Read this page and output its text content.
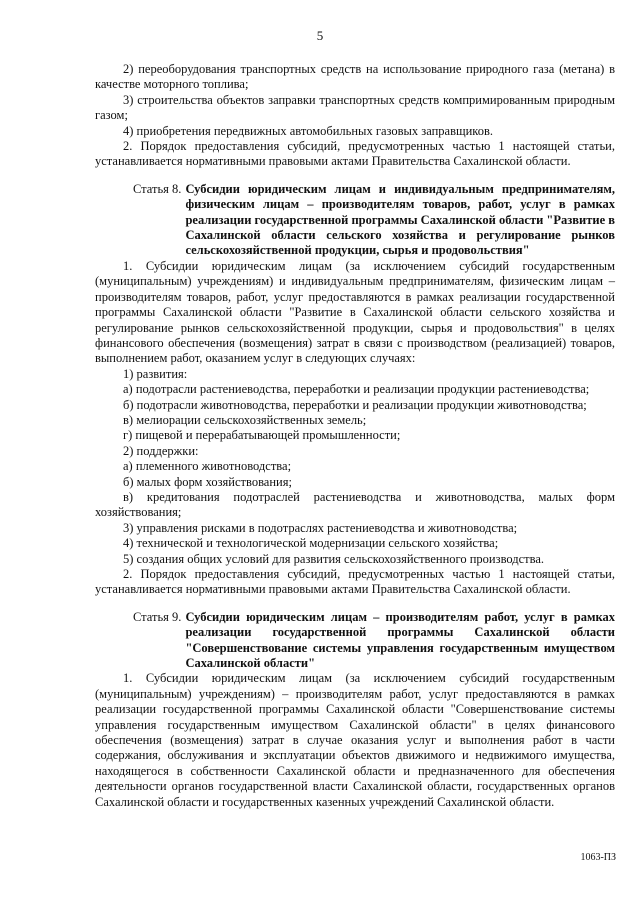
5

2) переоборудования транспортных средств на использование природного газа (метана) в качестве моторного топлива;

3) строительства объектов заправки транспортных средств компримированным природным газом;

4) приобретения передвижных автомобильных газовых заправщиков.

2. Порядок предоставления субсидий, предусмотренных частью 1 настоящей статьи, устанавливается нормативными правовыми актами Правительства Сахалинской области.

Статья 8. Субсидии юридическим лицам и индивидуальным предпринимателям, физическим лицам – производителям товаров, работ, услуг в рамках реализации государственной программы Сахалинской области "Развитие в Сахалинской области сельского хозяйства и регулирование рынков сельскохозяйственной продукции, сырья и продовольствия"

1. Субсидии юридическим лицам (за исключением субсидий государственным (муниципальным) учреждениям) и индивидуальным предпринимателям, физическим лицам – производителям товаров, работ, услуг предоставляются в рамках реализации государственной программы Сахалинской области "Развитие в Сахалинской области сельского хозяйства и регулирование рынков сельскохозяйственной продукции, сырья и продовольствия" в целях финансового обеспечения (возмещения) затрат в связи с производством (реализацией) товаров, выполнением работ, оказанием услуг в следующих случаях:

1) развития:

а) подотрасли растениеводства, переработки и реализации продукции растениеводства;

б) подотрасли животноводства, переработки и реализации продукции животноводства;

в) мелиорации сельскохозяйственных земель;

г) пищевой и перерабатывающей промышленности;

2) поддержки:

а) племенного животноводства;

б) малых форм хозяйствования;

в) кредитования подотраслей растениеводства и животноводства, малых форм хозяйствования;

3) управления рисками в подотраслях растениеводства и животноводства;

4) технической и технологической модернизации сельского хозяйства;

5) создания общих условий для развития сельскохозяйственного производства.

2. Порядок предоставления субсидий, предусмотренных частью 1 настоящей статьи, устанавливается нормативными правовыми актами Правительства Сахалинской области.

Статья 9. Субсидии юридическим лицам – производителям работ, услуг в рамках реализации государственной программы Сахалинской области "Совершенствование системы управления государственным имуществом Сахалинской области"

1. Субсидии юридическим лицам (за исключением субсидий государственным (муниципальным) учреждениям) – производителям работ, услуг предоставляются в рамках реализации государственной программы Сахалинской области "Совершенствование системы управления государственным имуществом Сахалинской области" в целях финансового обеспечения (возмещения) затрат в случае оказания услуг и выполнения работ в части содержания, обслуживания и эксплуатации объектов движимого и недвижимого имущества, находящегося в собственности Сахалинской области и предназначенного для обеспечения деятельности органов государственной власти Сахалинской области, государственных органов Сахалинской области и государственных казенных учреждений Сахалинской области.

1063-ПЗ
